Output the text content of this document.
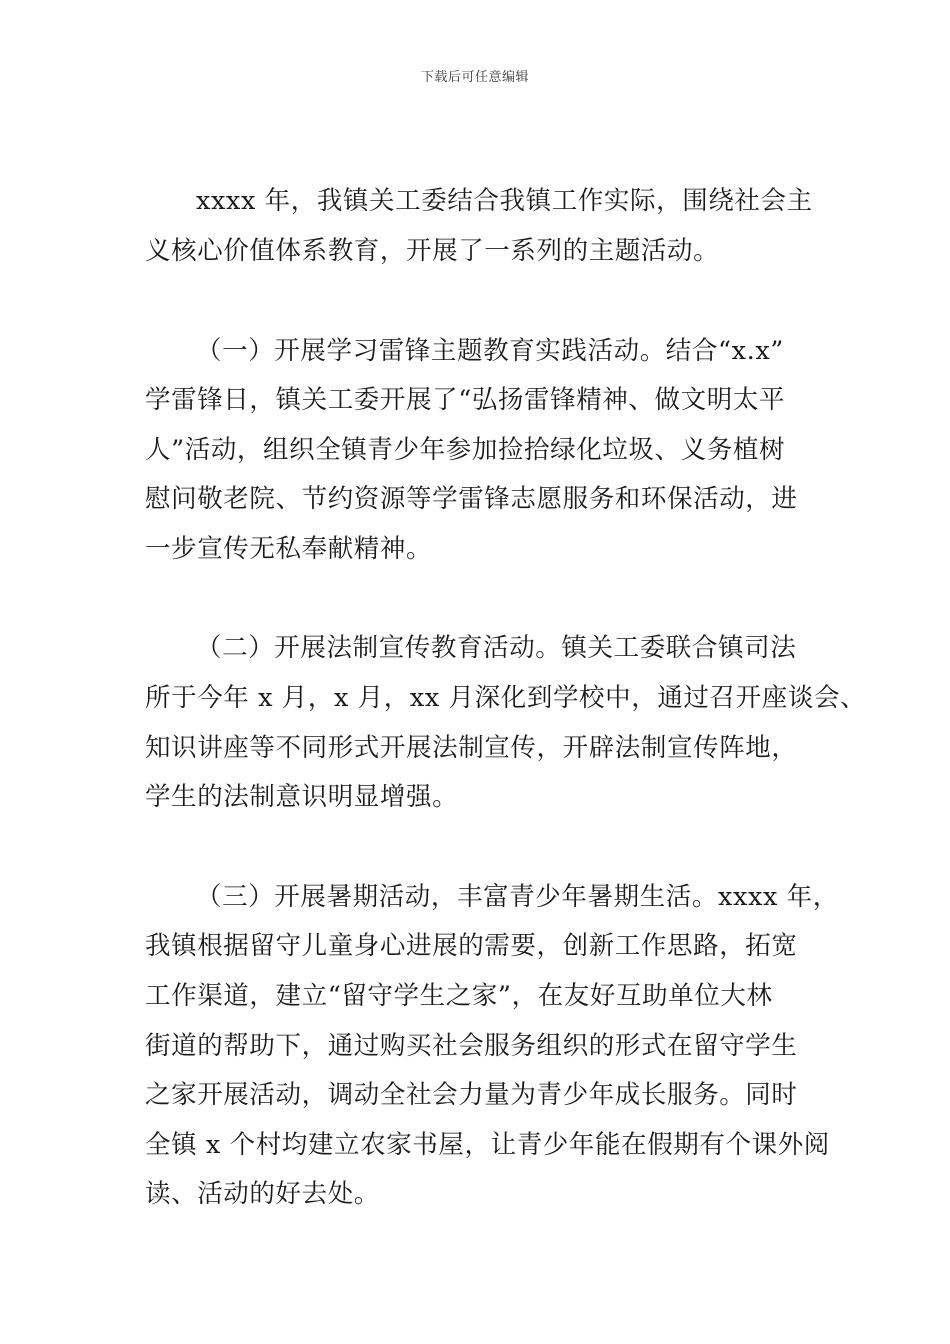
下载后可任意编辑
xxxx 年，我镇关工委结合我镇工作实际，围绕社会主
义核心价值体系教育，开展了一系列的主题活动。
（一）开展学习雷锋主题教育实践活动。结合“x.x”
学雷锋日，镇关工委开展了“弘扬雷锋精神、做文明太平
人”活动，组织全镇青少年参加捡拾绿化垃圾、义务植树
慰问敬老院、节约资源等学雷锋志愿服务和环保活动，进
一步宣传无私奉献精神。
（二）开展法制宣传教育活动。镇关工委联合镇司法
所于今年 x 月，x 月，xx 月深化到学校中，通过召开座谈会、
知识讲座等不同形式开展法制宣传，开辟法制宣传阵地，
学生的法制意识明显增强。
（三）开展暑期活动，丰富青少年暑期生活。xxxx 年，
我镇根据留守儿童身心进展的需要，创新工作思路，拓宽
工作渠道，建立“留守学生之家”，在友好互助单位大林
街道的帮助下，通过购买社会服务组织的形式在留守学生
之家开展活动，调动全社会力量为青少年成长服务。同时
全镇 x 个村均建立农家书屋，让青少年能在假期有个课外阅
读、活动的好去处。
